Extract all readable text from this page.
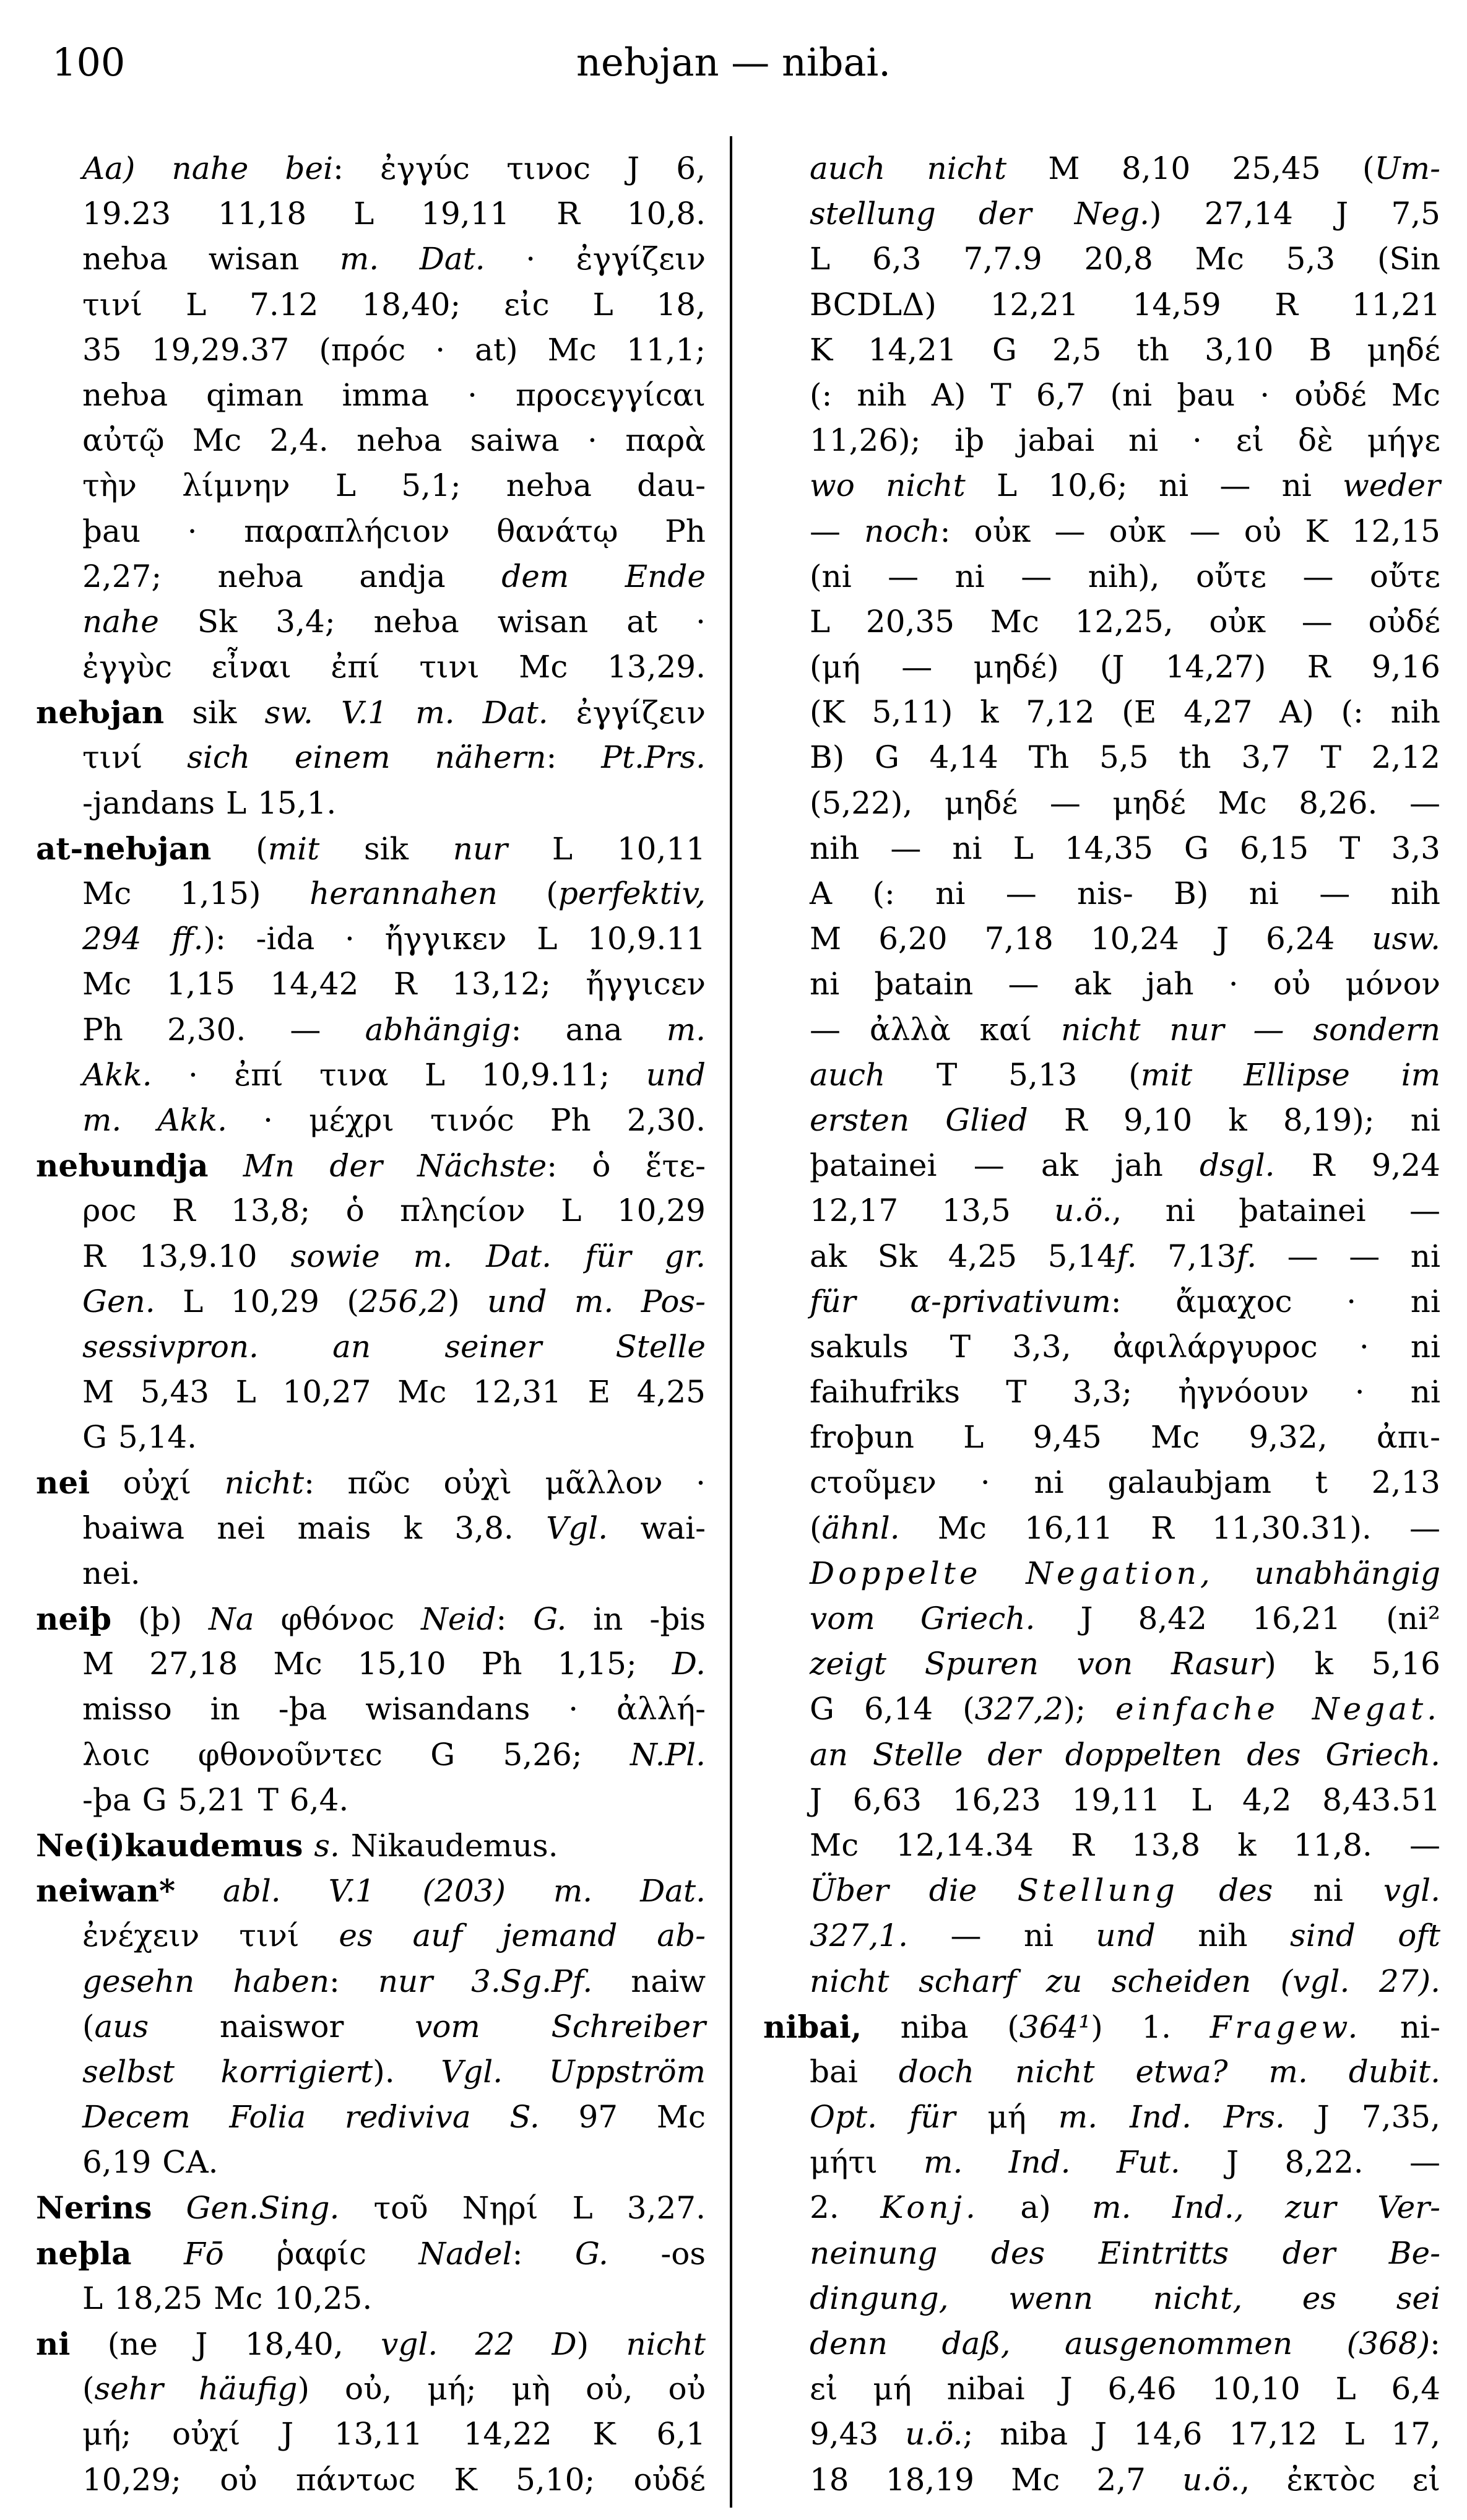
100	neƕjan — nibai.
Aa) nahe bei: ἐγγύc τινοc J 6,
19.23 11,18 L 19,11 R 10,8.
neƕa wisan m. Dat. · ἐγγίζειν
τινί L 7.12 18,40; εἰc L 18,
35 19,29.37 (πρόc · at) Mc 11,1;
neƕa qiman imma · προcεγγίcαι
αὐτῷ Mc 2,4. neƕa saiwa · παρὰ
τὴν λίμνην L 5,1; neƕa dau-
þau · παραπλήcιον θανάτῳ Ph
2,27; neƕa andja dem Ende
nahe Sk 3,4; neƕa wisan at ·
ἐγγὺc εἶναι ἐπί τινι Mc 13,29.
neƕjan sik sw. V.1 m. Dat. ἐγγίζειν
τινί sich einem nähern: Pt.Prs.
-jandans L 15,1.
at-neƕjan (mit sik nur L 10,11
Mc 1,15) herannahen (perfektiv,
294 ff.): -ida · ἤγγικεν L 10,9.11
Mc 1,15 14,42 R 13,12; ἤγγιcεν
Ph 2,30. — abhängig: ana m.
Akk. · ἐπί τινα L 10,9.11; und
m. Akk. · μέχρι τινόc Ph 2,30.
neƕundja Mn der Nächste: ὁ ἕτε-
ροc R 13,8; ὁ πληcίον L 10,29
R 13,9.10 sowie m. Dat. für gr.
Gen. L 10,29 (256,2) und m. Pos-
sessivpron. an seiner Stelle
M 5,43 L 10,27 Mc 12,31 E 4,25
G 5,14.
nei οὐχί nicht: πῶc οὐχὶ μᾶλλον ·
ƕaiwa nei mais k 3,8. Vgl. wai-
nei.
neiþ (þ) Na φθόνοc Neid: G. in -þis
M 27,18 Mc 15,10 Ph 1,15; D.
misso in -þa wisandans · ἀλλή-
λοιc φθονοῦντεc G 5,26; N.Pl.
-þa G 5,21 T 6,4.
Ne(i)kaudemus s. Nikaudemus.
neiwan* abl. V.1 (203) m. Dat.
ἐνέχειν τινί es auf jemand ab-
gesehn haben: nur 3.Sg.Pf. naiw
(aus naiswor vom Schreiber
selbst korrigiert). Vgl. Uppström
Decem Folia rediviva S. 97 Mc
6,19 CA.
Nerins Gen.Sing. τοῦ Νηρί L 3,27.
neþla Fō ῥαφίc Nadel: G. -os
L 18,25 Mc 10,25.
ni (ne J 18,40, vgl. 22 D) nicht
(sehr häufig) οὐ, μή; μὴ οὐ, οὐ
μή; οὐχί J 13,11 14,22 K 6,1
10,29; οὐ πάντωc K 5,10; οὐδέ
auch nicht M 8,10 25,45 (Um-
stellung der Neg.) 27,14 J 7,5
L 6,3 7,7.9 20,8 Mc 5,3 (Sin
BCDLΔ) 12,21 14,59 R 11,21
K 14,21 G 2,5 th 3,10 B μηδέ
(: nih A) T 6,7 (ni þau · οὐδέ Mc
11,26); iþ jabai ni · εἰ δὲ μήγε
wo nicht L 10,6; ni — ni weder
— noch: οὐκ — οὐκ — οὐ K 12,15
(ni — ni — nih), οὔτε — οὔτε
L 20,35 Mc 12,25, οὐκ — οὐδέ
(μή — μηδέ) (J 14,27) R 9,16
(K 5,11) k 7,12 (E 4,27 A) (: nih
B) G 4,14 Th 5,5 th 3,7 T 2,12
(5,22), μηδέ — μηδέ Mc 8,26. —
nih — ni L 14,35 G 6,15 T 3,3
A (: ni — nis- B) ni — nih
M 6,20 7,18 10,24 J 6,24 usw.
ni þatain — ak jah · οὐ μόνον
— ἀλλὰ καί nicht nur — sondern
auch T 5,13 (mit Ellipse im
ersten Glied R 9,10 k 8,19); ni
þatainei — ak jah dsgl. R 9,24
12,17 13,5 u.ö., ni þatainei —
ak Sk 4,25 5,14f. 7,13f. — — ni
für α-privativum: ἄμαχοc · ni
sakuls T 3,3, ἀφιλάργυροc · ni
faihufriks T 3,3; ἠγνόουν · ni
froþun L 9,45 Mc 9,32, ἀπι-
cτοῦμεν · ni galaubjam t 2,13
(ähnl. Mc 16,11 R 11,30.31). —
Doppelte Negation, unabhängig
vom Griech. J 8,42 16,21 (ni²
zeigt Spuren von Rasur) k 5,16
G 6,14 (327,2); einfache Negat.
an Stelle der doppelten des Griech.
J 6,63 16,23 19,11 L 4,2 8,43.51
Mc 12,14.34 R 13,8 k 11,8. —
Über die Stellung des ni vgl.
327,1. — ni und nih sind oft
nicht scharf zu scheiden (vgl. 27).
nibai, niba (364¹) 1. Fragew. ni-
bai doch nicht etwa? m. dubit.
Opt. für μή m. Ind. Prs. J 7,35,
μήτι m. Ind. Fut. J 8,22. —
2. Konj. a) m. Ind., zur Ver-
neinung des Eintritts der Be-
dingung, wenn nicht, es sei
denn daß, ausgenommen (368):
εἰ μή nibai J 6,46 10,10 L 6,4
9,43 u.ö.; niba J 14,6 17,12 L 17,
18 18,19 Mc 2,7 u.ö., ἐκτὸc εἰ
